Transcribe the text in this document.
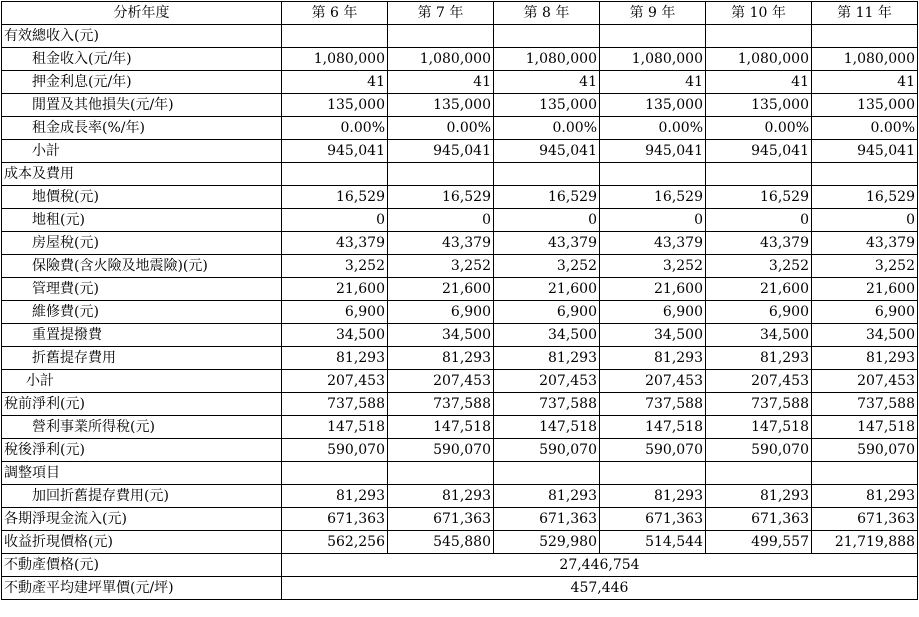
分析年度	第 6 年	第 7 年	第 8 年	第 9 年	第 10 年	第 11 年
有效總收入(元)						
租金收入(元/年)	1,080,000	1,080,000	1,080,000	1,080,000	1,080,000	1,080,000
押金利息(元/年)	41	41	41	41	41	41
閒置及其他損失(元/年)	135,000	135,000	135,000	135,000	135,000	135,000
租金成長率(%/年)	0.00%	0.00%	0.00%	0.00%	0.00%	0.00%
小計	945,041	945,041	945,041	945,041	945,041	945,041
成本及費用						
地價稅(元)	16,529	16,529	16,529	16,529	16,529	16,529
地租(元)	0	0	0	0	0	0
房屋稅(元)	43,379	43,379	43,379	43,379	43,379	43,379
保險費(含火險及地震險)(元)	3,252	3,252	3,252	3,252	3,252	3,252
管理費(元)	21,600	21,600	21,600	21,600	21,600	21,600
維修費(元)	6,900	6,900	6,900	6,900	6,900	6,900
重置提撥費	34,500	34,500	34,500	34,500	34,500	34,500
折舊提存費用	81,293	81,293	81,293	81,293	81,293	81,293
小計	207,453	207,453	207,453	207,453	207,453	207,453
稅前淨利(元)	737,588	737,588	737,588	737,588	737,588	737,588
營利事業所得稅(元)	147,518	147,518	147,518	147,518	147,518	147,518
稅後淨利(元)	590,070	590,070	590,070	590,070	590,070	590,070
調整項目						
加回折舊提存費用(元)	81,293	81,293	81,293	81,293	81,293	81,293
各期淨現金流入(元)	671,363	671,363	671,363	671,363	671,363	671,363
收益折現價格(元)	562,256	545,880	529,980	514,544	499,557	21,719,888
不動產價格(元)	27,446,754					
不動產平均建坪單價(元/坪)	457,446					
